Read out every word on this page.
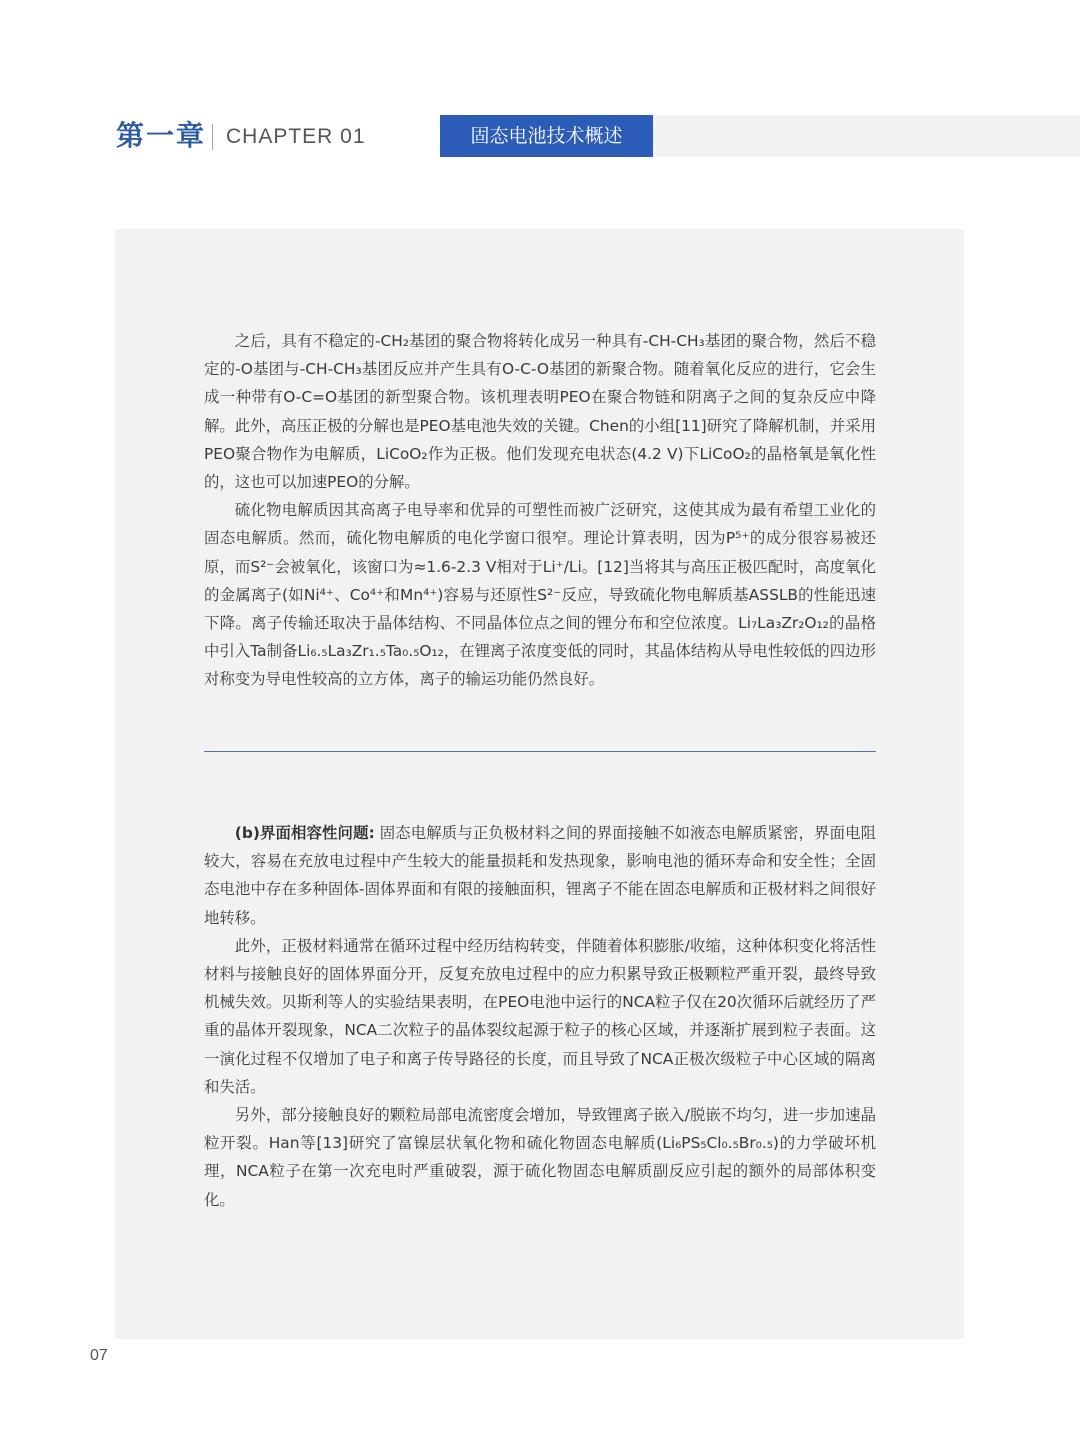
第一章 CHAPTER 01	固态电池技术概述

之后，具有不稳定的-CH₂基团的聚合物将转化成另一种具有-CH-CH₃基团的聚合物，然后不稳定的-O基团与-CH-CH₃基团反应并产生具有O-C-O基团的新聚合物。随着氧化反应的进行，它会生成一种带有O-C=O基团的新型聚合物。该机理表明PEO在聚合物链和阴离子之间的复杂反应中降解。此外，高压正极的分解也是PEO基电池失效的关键。Chen的小组[11]研究了降解机制，并采用PEO聚合物作为电解质，LiCoO₂作为正极。他们发现充电状态(4.2 V)下LiCoO₂的晶格氧是氧化性的，这也可以加速PEO的分解。

硫化物电解质因其高离子电导率和优异的可塑性而被广泛研究，这使其成为最有希望工业化的固态电解质。然而，硫化物电解质的电化学窗口很窄。理论计算表明，因为P⁵⁺的成分很容易被还原，而S²⁻会被氧化，该窗口为≈1.6-2.3 V相对于Li⁺/Li。[12]当将其与高压正极匹配时，高度氧化的金属离子(如Ni⁴⁺、Co⁴⁺和Mn⁴⁺)容易与还原性S²⁻反应，导致硫化物电解质基ASSLB的性能迅速下降。离子传输还取决于晶体结构、不同晶体位点之间的锂分布和空位浓度。Li₇La₃Zr₂O₁₂的晶格中引入Ta制备Li₆.₅La₃Zr₁.₅Ta₀.₅O₁₂，在锂离子浓度变低的同时，其晶体结构从导电性较低的四边形对称变为导电性较高的立方体，离子的输运功能仍然良好。

(b)界面相容性问题: 固态电解质与正负极材料之间的界面接触不如液态电解质紧密，界面电阻较大，容易在充放电过程中产生较大的能量损耗和发热现象，影响电池的循环寿命和安全性；全固态电池中存在多种固体-固体界面和有限的接触面积，锂离子不能在固态电解质和正极材料之间很好地转移。

此外，正极材料通常在循环过程中经历结构转变，伴随着体积膨胀/收缩，这种体积变化将活性材料与接触良好的固体界面分开，反复充放电过程中的应力积累导致正极颗粒严重开裂，最终导致机械失效。贝斯利等人的实验结果表明，在PEO电池中运行的NCA粒子仅在20次循环后就经历了严重的晶体开裂现象，NCA二次粒子的晶体裂纹起源于粒子的核心区域，并逐渐扩展到粒子表面。这一演化过程不仅增加了电子和离子传导路径的长度，而且导致了NCA正极次级粒子中心区域的隔离和失活。

另外，部分接触良好的颗粒局部电流密度会增加，导致锂离子嵌入/脱嵌不均匀，进一步加速晶粒开裂。Han等[13]研究了富镍层状氧化物和硫化物固态电解质(Li₆PS₅Cl₀.₅Br₀.₅)的力学破坏机理，NCA粒子在第一次充电时严重破裂，源于硫化物固态电解质副反应引起的额外的局部体积变化。

07
